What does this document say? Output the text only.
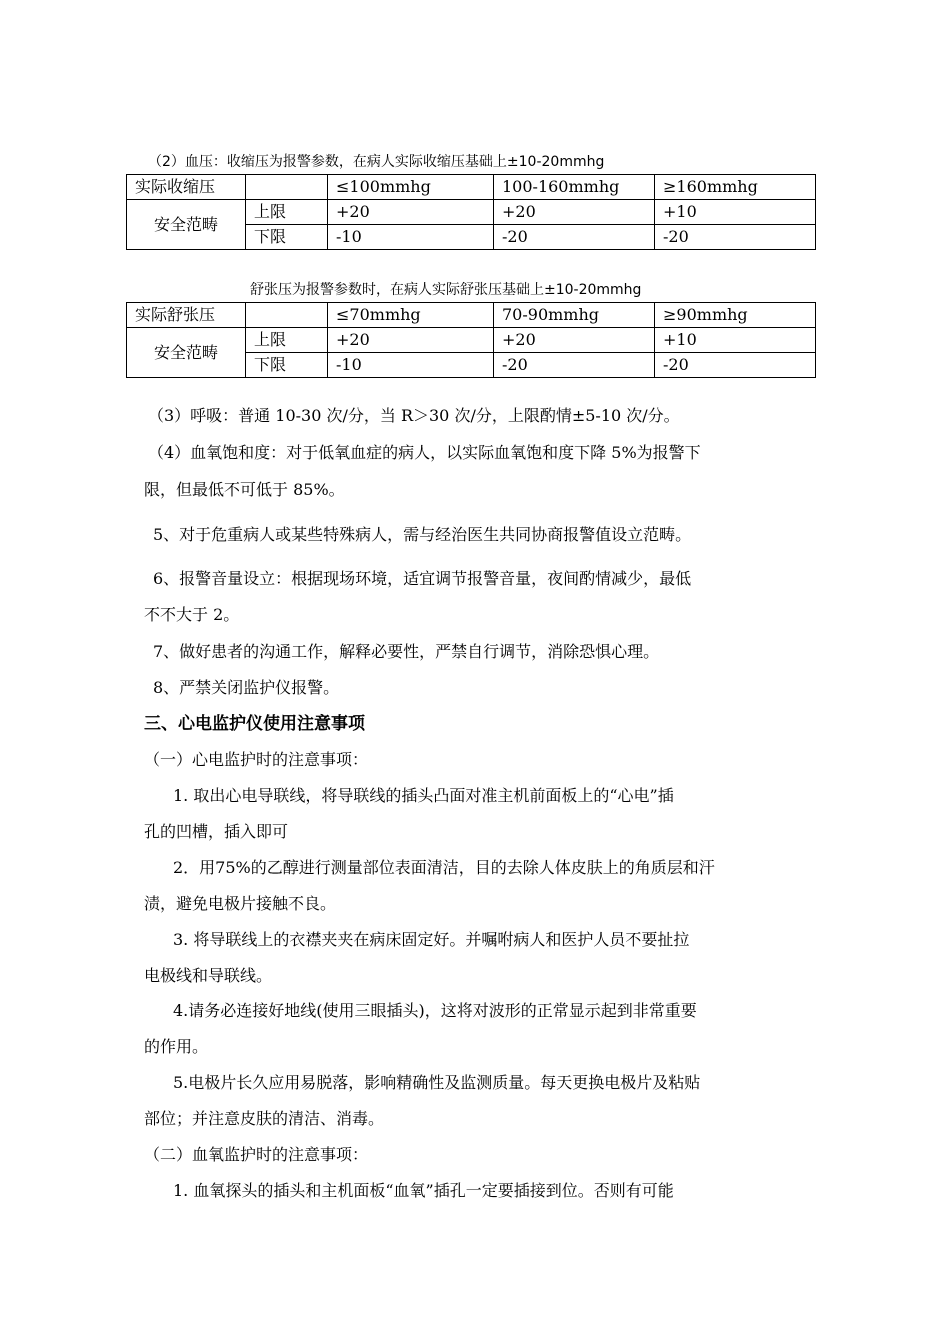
（2）血压：收缩压为报警参数，在病人实际收缩压基础上±10-20mmhg
实际收缩压		≤100mmhg	100-160mmhg	≥160mmhg
安全范畴	上限	+20	+20	+10
	下限	-10	-20	-20
舒张压为报警参数时，在病人实际舒张压基础上±10-20mmhg
实际舒张压		≤70mmhg	70-90mmhg	≥90mmhg
安全范畴	上限	+20	+20	+10
	下限	-10	-20	-20
（3）呼吸：普通 10-30 次/分，当 R＞30 次/分，上限酌情±5-10 次/分。
（4）血氧饱和度：对于低氧血症的病人，以实际血氧饱和度下降 5%为报警下
限，但最低不可低于 85%。
5、对于危重病人或某些特殊病人，需与经治医生共同协商报警值设立范畴。
6、报警音量设立：根据现场环境，适宜调节报警音量，夜间酌情减少，最低
不不大于 2。
7、做好患者的沟通工作，解释必要性，严禁自行调节，消除恐惧心理。
8、严禁关闭监护仪报警。
三、心电监护仪使用注意事项
（一）心电监护时的注意事项：
1. 取出心电导联线，将导联线的插头凸面对准主机前面板上的“心电”插
孔的凹槽，插入即可
2．用75%的乙醇进行测量部位表面清洁，目的去除人体皮肤上的角质层和汗
渍，避免电极片接触不良。
3. 将导联线上的衣襟夹夹在病床固定好。并嘱咐病人和医护人员不要扯拉
电极线和导联线。
4.请务必连接好地线(使用三眼插头)，这将对波形的正常显示起到非常重要
的作用。
5.电极片长久应用易脱落，影响精确性及监测质量。每天更换电极片及粘贴
部位；并注意皮肤的清洁、消毒。
（二）血氧监护时的注意事项：
1. 血氧探头的插头和主机面板“血氧”插孔一定要插接到位。否则有可能
